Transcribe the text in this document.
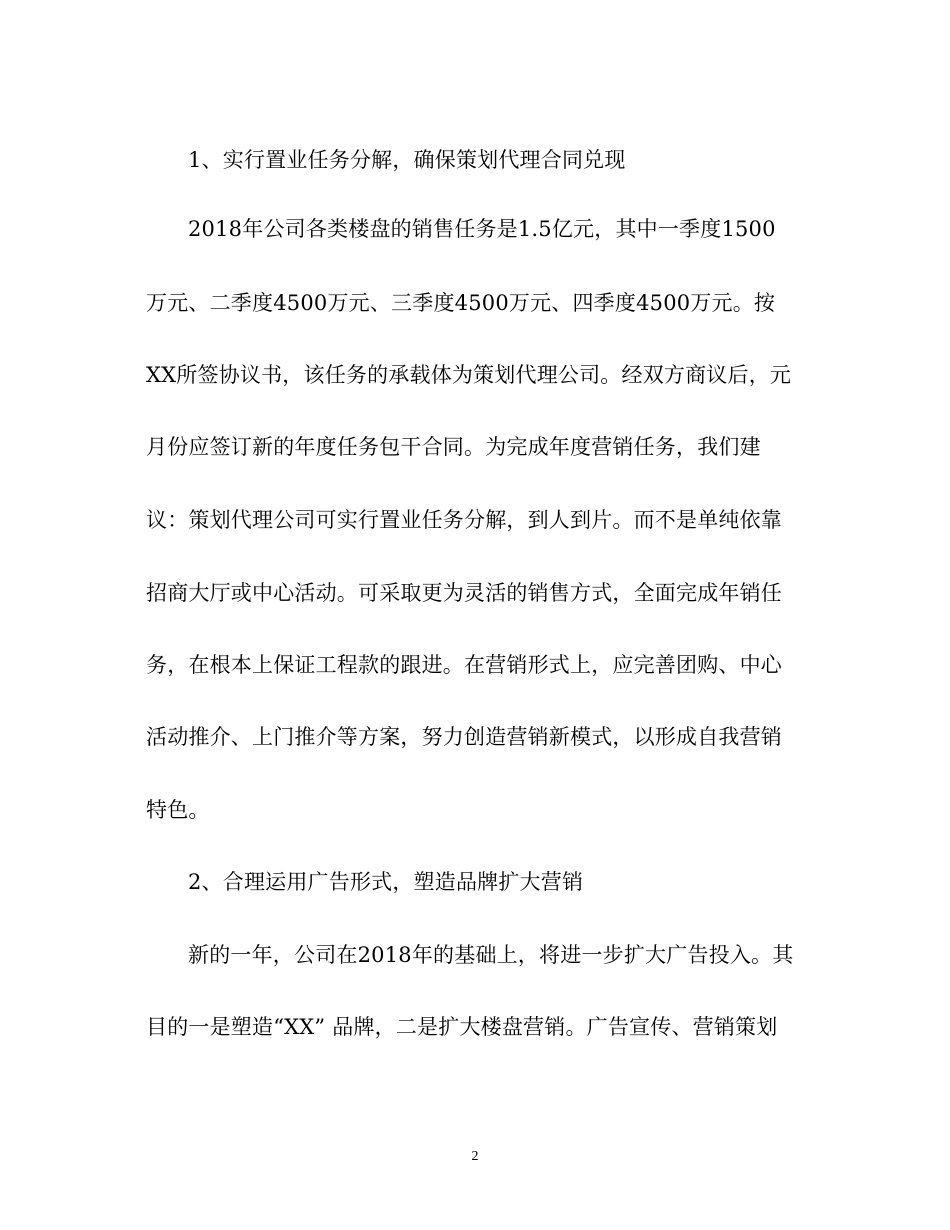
1、实行置业任务分解，确保策划代理合同兑现
2018年公司各类楼盘的销售任务是1.5亿元，其中一季度1500
万元、二季度4500万元、三季度4500万元、四季度4500万元。按
XX所签协议书，该任务的承载体为策划代理公司。经双方商议后，元
月份应签订新的年度任务包干合同。为完成年度营销任务，我们建
议：策划代理公司可实行置业任务分解，到人到片。而不是单纯依靠
招商大厅或中心活动。可采取更为灵活的销售方式，全面完成年销任
务，在根本上保证工程款的跟进。在营销形式上，应完善团购、中心
活动推介、上门推介等方案，努力创造营销新模式，以形成自我营销
特色。
2、合理运用广告形式，塑造品牌扩大营销
新的一年，公司在2018年的基础上，将进一步扩大广告投入。其
目的一是塑造“XX” 品牌，二是扩大楼盘营销。广告宣传、营销策划
2
